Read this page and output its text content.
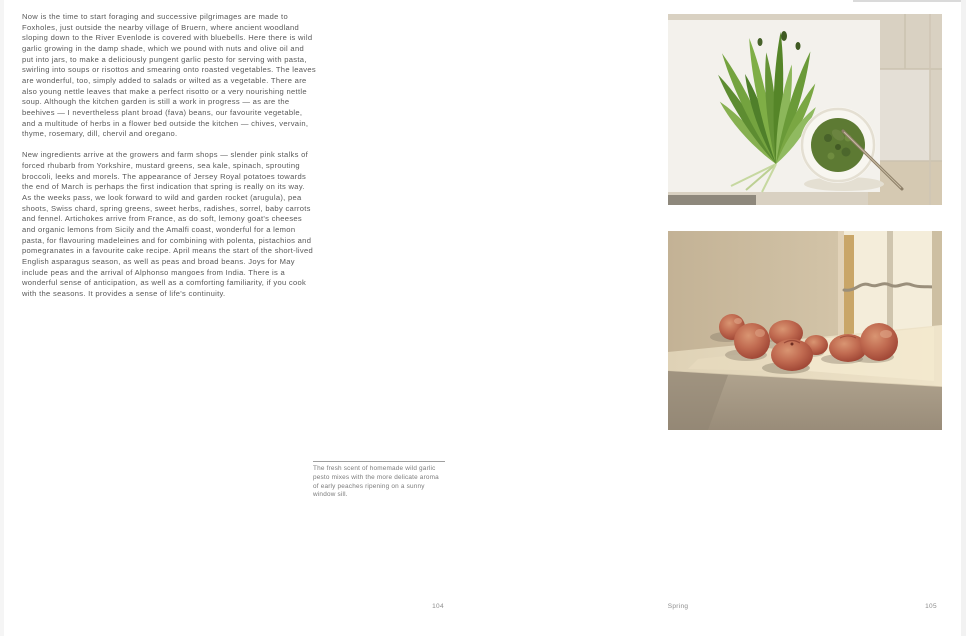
Now is the time to start foraging and successive pilgrimages are made to Foxholes, just outside the nearby village of Bruern, where ancient woodland sloping down to the River Evenlode is covered with bluebells. Here there is wild garlic growing in the damp shade, which we pound with nuts and olive oil and put into jars, to make a deliciously pungent garlic pesto for serving with pasta, swirling into soups or risottos and smearing onto roasted vegetables. The leaves are wonderful, too, simply added to salads or wilted as a vegetable. There are also young nettle leaves that make a perfect risotto or a very nourishing nettle soup. Although the kitchen garden is still a work in progress — as are the beehives — I nevertheless plant broad (fava) beans, our favourite vegetable, and a multitude of herbs in a flower bed outside the kitchen — chives, vervain, thyme, rosemary, dill, chervil and oregano.

New ingredients arrive at the growers and farm shops — slender pink stalks of forced rhubarb from Yorkshire, mustard greens, sea kale, spinach, sprouting broccoli, leeks and morels. The appearance of Jersey Royal potatoes towards the end of March is perhaps the first indication that spring is really on its way. As the weeks pass, we look forward to wild and garden rocket (arugula), pea shoots, Swiss chard, spring greens, sweet herbs, radishes, sorrel, baby carrots and fennel. Artichokes arrive from France, as do soft, lemony goat's cheeses and organic lemons from Sicily and the Amalfi coast, wonderful for a lemon pasta, for flavouring madeleines and for combining with polenta, pistachios and pomegranates in a favourite cake recipe. April means the start of the short-lived English asparagus season, as well as peas and broad beans. Joys for May include peas and the arrival of Alphonso mangoes from India. There is a wonderful sense of anticipation, as well as a comforting familiarity, if you cook with the seasons. It provides a sense of life's continuity.

The fresh scent of homemade wild garlic pesto mixes with the more delicate aroma of early peaches ripening on a sunny window sill.
104	Spring	105
